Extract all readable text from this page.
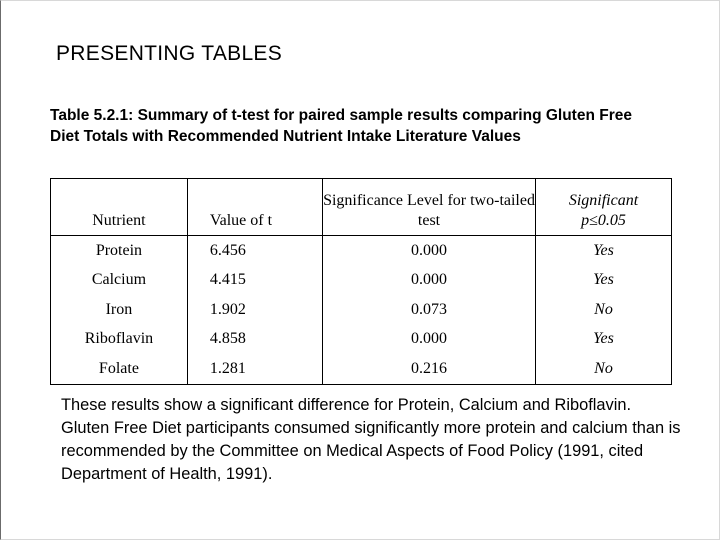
PRESENTING TABLES
Table 5.2.1: Summary of t-test for paired sample results comparing Gluten Free Diet Totals with Recommended Nutrient Intake Literature Values
Nutrient	Value of t	Significance Level for two-tailed test	Significant
p≤0.05
Protein	6.456	0.000	Yes
Calcium	4.415	0.000	Yes
Iron	1.902	0.073	No
Riboflavin	4.858	0.000	Yes
Folate	1.281	0.216	No
These results show a significant difference for Protein, Calcium and Riboflavin. Gluten Free Diet participants consumed significantly more protein and calcium than is recommended by the Committee on Medical Aspects of Food Policy (1991, cited Department of Health, 1991).
